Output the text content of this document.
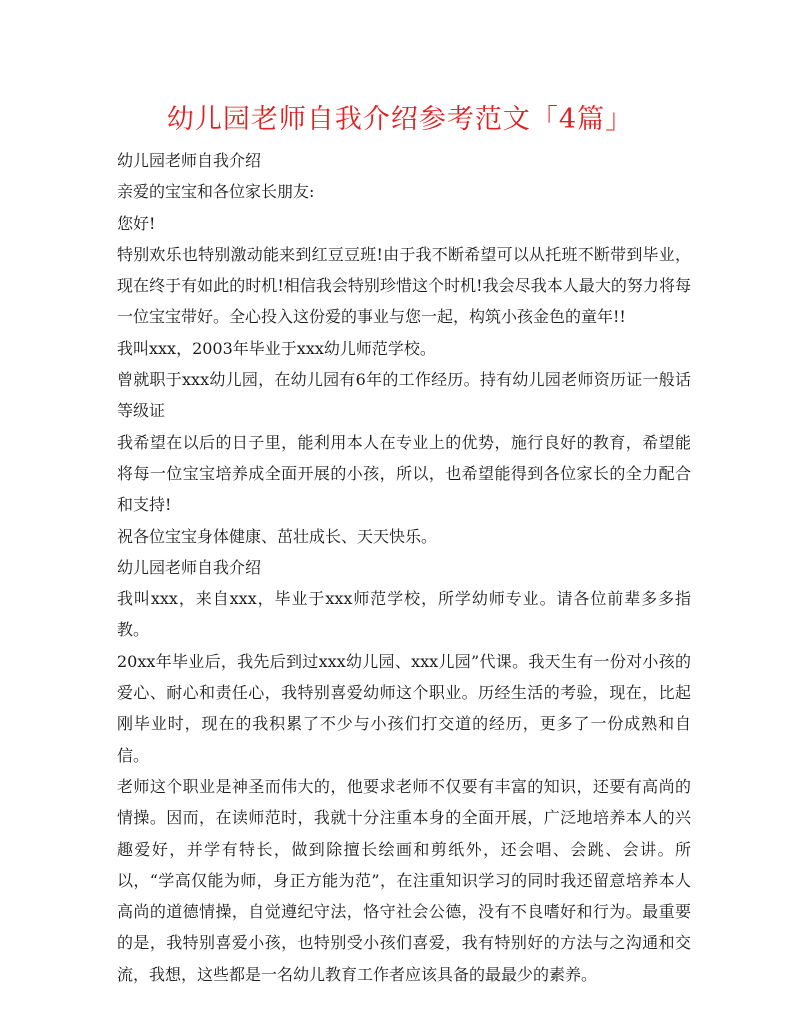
幼儿园老师自我介绍参考范文「4篇」

幼儿园老师自我介绍

亲爱的宝宝和各位家长朋友:

您好!

特别欢乐也特别激动能来到红豆豆班!由于我不断希望可以从托班不断带到毕业，现在终于有如此的时机!相信我会特别珍惜这个时机!我会尽我本人最大的努力将每一位宝宝带好。全心投入这份爱的事业与您一起，构筑小孩金色的童年!!

我叫xxx，2003年毕业于xxx幼儿师范学校。

曾就职于xxx幼儿园，在幼儿园有6年的工作经历。持有幼儿园老师资历证一般话等级证

我希望在以后的日子里，能利用本人在专业上的优势，施行良好的教育，希望能将每一位宝宝培养成全面开展的小孩，所以，也希望能得到各位家长的全力配合和支持!

祝各位宝宝身体健康、茁壮成长、天天快乐。

幼儿园老师自我介绍

我叫xxx，来自xxx，毕业于xxx师范学校，所学幼师专业。请各位前辈多多指教。

20xx年毕业后，我先后到过xxx幼儿园、xxx儿园”代课。我天生有一份对小孩的爱心、耐心和责任心，我特别喜爱幼师这个职业。历经生活的考验，现在，比起刚毕业时，现在的我积累了不少与小孩们打交道的经历，更多了一份成熟和自信。

老师这个职业是神圣而伟大的，他要求老师不仅要有丰富的知识，还要有高尚的情操。因而，在读师范时，我就十分注重本身的全面开展，广泛地培养本人的兴趣爱好，并学有特长，做到除擅长绘画和剪纸外，还会唱、会跳、会讲。所以，“学高仅能为师，身正方能为范”，在注重知识学习的同时我还留意培养本人高尚的道德情操，自觉遵纪守法，恪守社会公德，没有不良嗜好和行为。最重要的是，我特别喜爱小孩，也特别受小孩们喜爱，我有特别好的方法与之沟通和交流，我想，这些都是一名幼儿教育工作者应该具备的最最少的素养。
